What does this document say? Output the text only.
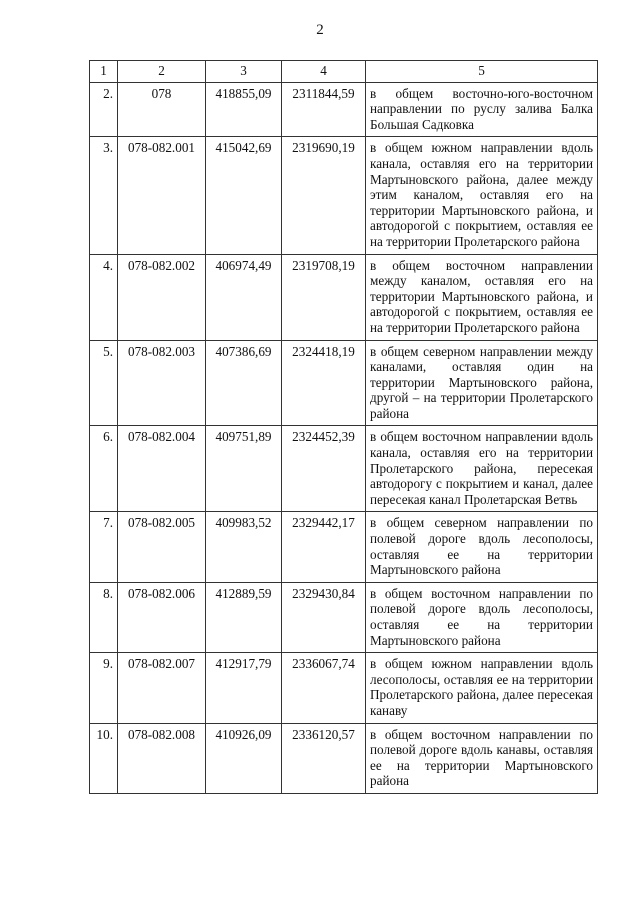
2
1	2	3	4	5
2.	078	418855,09	2311844,59	в общем восточно-юго-восточном направлении по руслу залива Балка Большая Садковка

3.	078-082.001	415042,69	2319690,19	в общем южном направлении вдоль канала, оставляя его на территории Мартыновского района, далее между этим каналом, оставляя его на территории Мартыновского района, и автодорогой с покрытием, оставляя ее на территории Пролетарского района

4.	078-082.002	406974,49	2319708,19	в общем восточном направлении между каналом, оставляя его на территории Мартыновского района, и автодорогой с покрытием, оставляя ее на территории Пролетарского района

5.	078-082.003	407386,69	2324418,19	в общем северном направлении между каналами, оставляя один на территории Мартыновского района, другой – на территории Пролетарского района

6.	078-082.004	409751,89	2324452,39	в общем восточном направлении вдоль канала, оставляя его на территории Пролетарского района, пересекая автодорогу с покрытием и канал, далее пересекая канал Пролетарская Ветвь

7.	078-082.005	409983,52	2329442,17	в общем северном направлении по полевой дороге вдоль лесополосы, оставляя ее на территории Мартыновского района

8.	078-082.006	412889,59	2329430,84	в общем восточном направлении по полевой дороге вдоль лесополосы, оставляя ее на территории Мартыновского района

9.	078-082.007	412917,79	2336067,74	в общем южном направлении вдоль лесополосы, оставляя ее на территории Пролетарского района, далее пересекая канаву

10.	078-082.008	410926,09	2336120,57	в общем восточном направлении по полевой дороге вдоль канавы, оставляя ее на территории Мартыновского района
